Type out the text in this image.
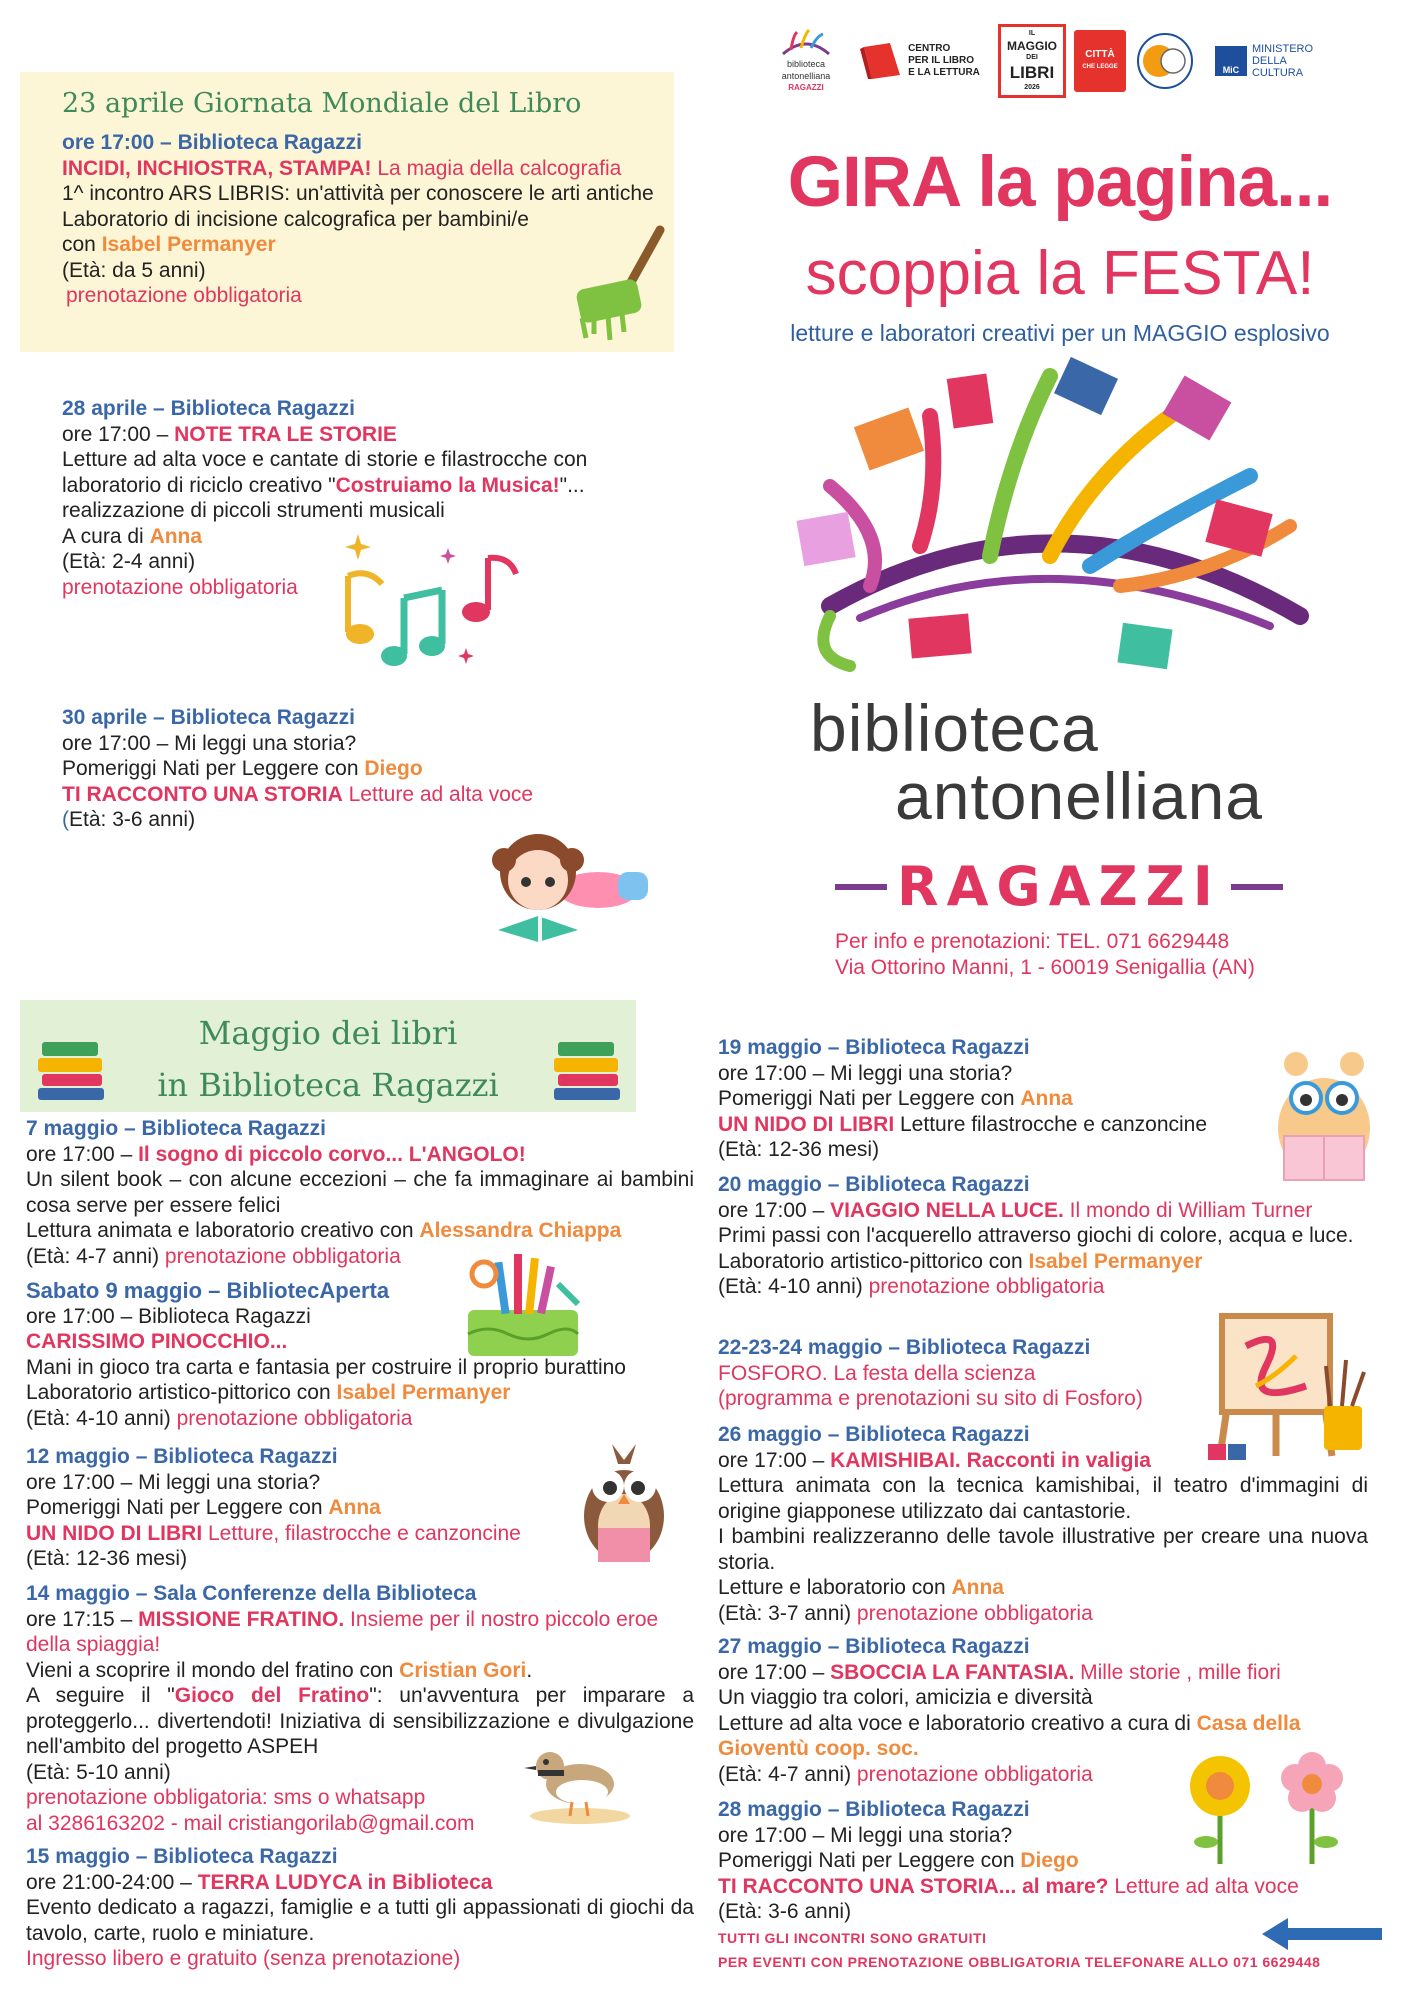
biblioteca
antonelliana
RAGAZZI
CENTRO
PER IL LIBRO
E LA LETTURA
IL
MAGGIO
DEI
LIBRI
2026
CITTÀ
CHE LEGGE	MiC
MINISTERO
DELLA
CULTURA
GIRA la pagina...
scoppia la FESTA!
letture e laboratori creativi per un MAGGIO esplosivo
23 aprile Giornata Mondiale del Libro

ore 17:00 – Biblioteca Ragazzi

INCIDI, INCHIOSTRA, STAMPA! La magia della calcografia

1^ incontro ARS LIBRIS: un'attività per conoscere le arti antiche

Laboratorio di incisione calcografica per bambini/e

con Isabel Permanyer

(Età: da 5 anni)

prenotazione obbligatoria

28 aprile – Biblioteca Ragazzi

ore 17:00 – NOTE TRA LE STORIE

Letture ad alta voce e cantate di storie e filastrocche con

laboratorio di riciclo creativo "Costruiamo la Musica!"...

realizzazione di piccoli strumenti musicali

A cura di Anna

(Età: 2-4 anni)

prenotazione obbligatoria

30 aprile – Biblioteca Ragazzi

ore 17:00 – Mi leggi una storia?

Pomeriggi Nati per Leggere con Diego

TI RACCONTO UNA STORIA Letture ad alta voce

(Età: 3-6 anni)

biblioteca
antonelliana
RAGAZZI
Per info e prenotazioni: TEL. 071 6629448
Via Ottorino Manni, 1 - 60019 Senigallia (AN)
Maggio dei libri
in Biblioteca Ragazzi

7 maggio – Biblioteca Ragazzi

ore 17:00 – Il sogno di piccolo corvo... L'ANGOLO!

Un silent book – con alcune eccezioni – che fa immaginare ai bambini cosa serve per essere felici

Lettura animata e laboratorio creativo con Alessandra Chiappa

(Età: 4-7 anni) prenotazione obbligatoria

Sabato 9 maggio – BibliotecAperta

ore 17:00 – Biblioteca Ragazzi

CARISSIMO PINOCCHIO...

Mani in gioco tra carta e fantasia per costruire il proprio burattino

Laboratorio artistico-pittorico con Isabel Permanyer

(Età: 4-10 anni) prenotazione obbligatoria

12 maggio – Biblioteca Ragazzi

ore 17:00 – Mi leggi una storia?

Pomeriggi Nati per Leggere con Anna

UN NIDO DI LIBRI Letture, filastrocche e canzoncine

(Età: 12-36 mesi)

14 maggio – Sala Conferenze della Biblioteca

ore 17:15 – MISSIONE FRATINO. Insieme per il nostro piccolo eroe della spiaggia!

Vieni a scoprire il mondo del fratino con Cristian Gori.

A seguire il "Gioco del Fratino": un'avventura per imparare a proteggerlo... divertendoti! Iniziativa di sensibilizzazione e divulgazione nell'ambito del progetto ASPEH

(Età: 5-10 anni)

prenotazione obbligatoria: sms o whatsapp

al 3286163202 - mail cristiangorilab@gmail.com

15 maggio – Biblioteca Ragazzi

ore 21:00-24:00 – TERRA LUDYCA in Biblioteca

Evento dedicato a ragazzi, famiglie e a tutti gli appassionati di giochi da tavolo, carte, ruolo e miniature.

Ingresso libero e gratuito (senza prenotazione)

19 maggio – Biblioteca Ragazzi

ore 17:00 – Mi leggi una storia?

Pomeriggi Nati per Leggere con Anna

UN NIDO DI LIBRI Letture filastrocche e canzoncine

(Età: 12-36 mesi)

20 maggio – Biblioteca Ragazzi

ore 17:00 – VIAGGIO NELLA LUCE. Il mondo di William Turner

Primi passi con l'acquerello attraverso giochi di colore, acqua e luce.

Laboratorio artistico-pittorico con Isabel Permanyer

(Età: 4-10 anni) prenotazione obbligatoria

22-23-24 maggio – Biblioteca Ragazzi

FOSFORO. La festa della scienza

(programma e prenotazioni su sito di Fosforo)

26 maggio – Biblioteca Ragazzi

ore 17:00 – KAMISHIBAI. Racconti in valigia

Lettura animata con la tecnica kamishibai, il teatro d'immagini di origine giapponese utilizzato dai cantastorie.

I bambini realizzeranno delle tavole illustrative per creare una nuova storia.

Letture e laboratorio con Anna

(Età: 3-7 anni) prenotazione obbligatoria

27 maggio – Biblioteca Ragazzi

ore 17:00 – SBOCCIA LA FANTASIA. Mille storie , mille fiori

Un viaggio tra colori, amicizia e diversità

Letture ad alta voce e laboratorio creativo a cura di Casa della Gioventù coop. soc.

(Età: 4-7 anni) prenotazione obbligatoria

28 maggio – Biblioteca Ragazzi

ore 17:00 – Mi leggi una storia?

Pomeriggi Nati per Leggere con Diego

TI RACCONTO UNA STORIA... al mare? Letture ad alta voce

(Età: 3-6 anni)

TUTTI GLI INCONTRI SONO GRATUITI
PER EVENTI CON PRENOTAZIONE OBBLIGATORIA TELEFONARE ALLO 071 6629448
